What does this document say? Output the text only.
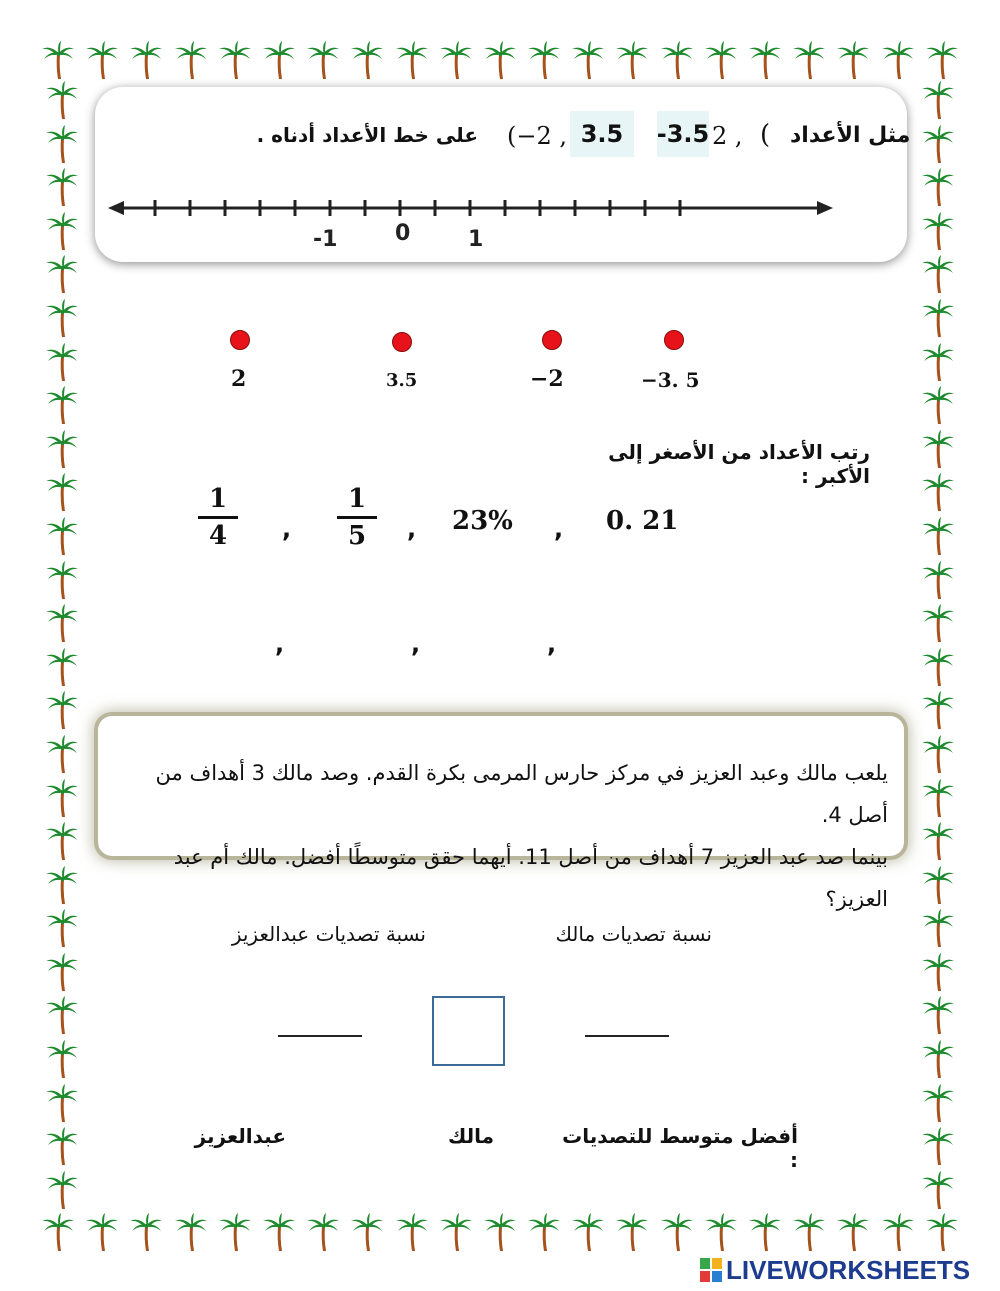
مثل الأعداد
(
2 ,
-3.5
3.5
(−2 ,
على خط الأعداد أدناه .
-1	0	1
2	3.5	−2	−3. 5
رتب الأعداد من الأصغر إلى الأكبر :
1
4	,
1
5	, 23% , 0. 21
,	,	,
يلعب مالك وعبد العزيز في مركز حارس المرمى بكرة القدم. وصد مالك 3 أهداف من أصل 4.
بينما صد عبد العزيز 7 أهداف من أصل 11. أيهما حقق متوسطًا أفضل. مالك أم عبد العزيز؟
نسبة تصديات مالك
نسبة تصديات عبدالعزيز
أفضل متوسط للتصديات :
مالك
عبدالعزيز
LIVEWORKSHEETS
